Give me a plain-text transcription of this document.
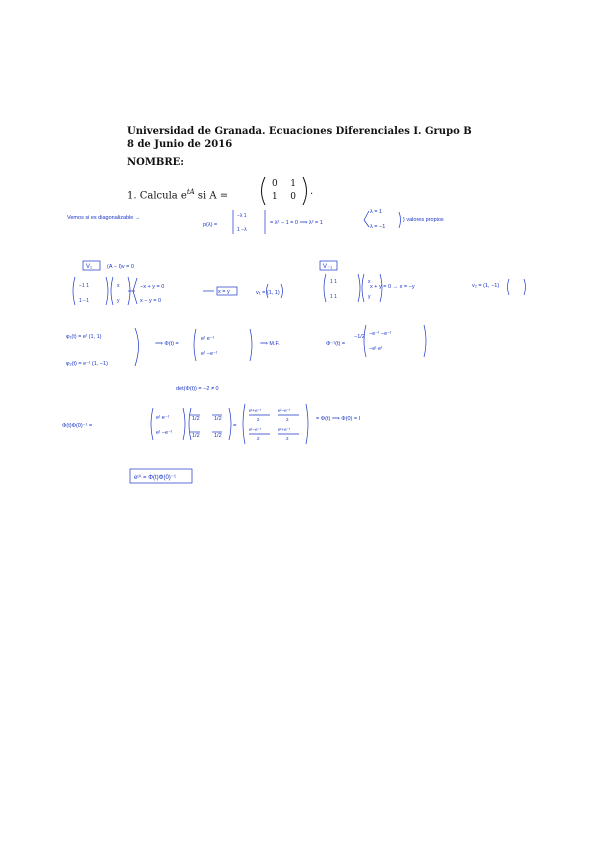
Universidad de Granada. Ecuaciones Diferenciales I. Grupo B
8 de Junio de 2016
NOMBRE:
1. Calcula $e^{tA}$ si A =
0 1
1 0 .
Vemos si es diagonalizable →
p(λ) =	= λ² − 1 = 0 ⟹ λ² = 1
λ = 1
λ = −1
} valores propios
(A − I)v = 0
−x + y = 0
x − y = 0
x = y	v₁ = (1, 1)
x + y = 0 → x = −y	v₂ = (1, −1)
φ₁(t) = eᵗ (1, 1)
φ₂(t) = e⁻ᵗ (1, −1)
⟹ Φ(t) =	⟹ M.F.	Φ⁻¹(t) =
−1/2
det(Φ(t)) = −2 ≠ 0
Φ(t)Φ(0)⁻¹ =
1/2	1/2
1/2	1/2
= Φ(t) ⟹ Φ(0) = I
V₁	V₋₁
eᵗᴬ = Φ(t)Φ(0)⁻¹
−λ 1
1 −λ
−1 1
1 −1
x
y
1 1
1 1
x
y
eᵗ e⁻ᵗ
eᵗ −e⁻ᵗ
−e⁻ᵗ −e⁻ᵗ
−eᵗ eᵗ
eᵗ e⁻ᵗ
eᵗ −e⁻ᵗ
=
eᵗ+e⁻ᵗ	eᵗ−e⁻ᵗ
2	2
eᵗ−e⁻ᵗ	eᵗ+e⁻ᵗ
2	2
